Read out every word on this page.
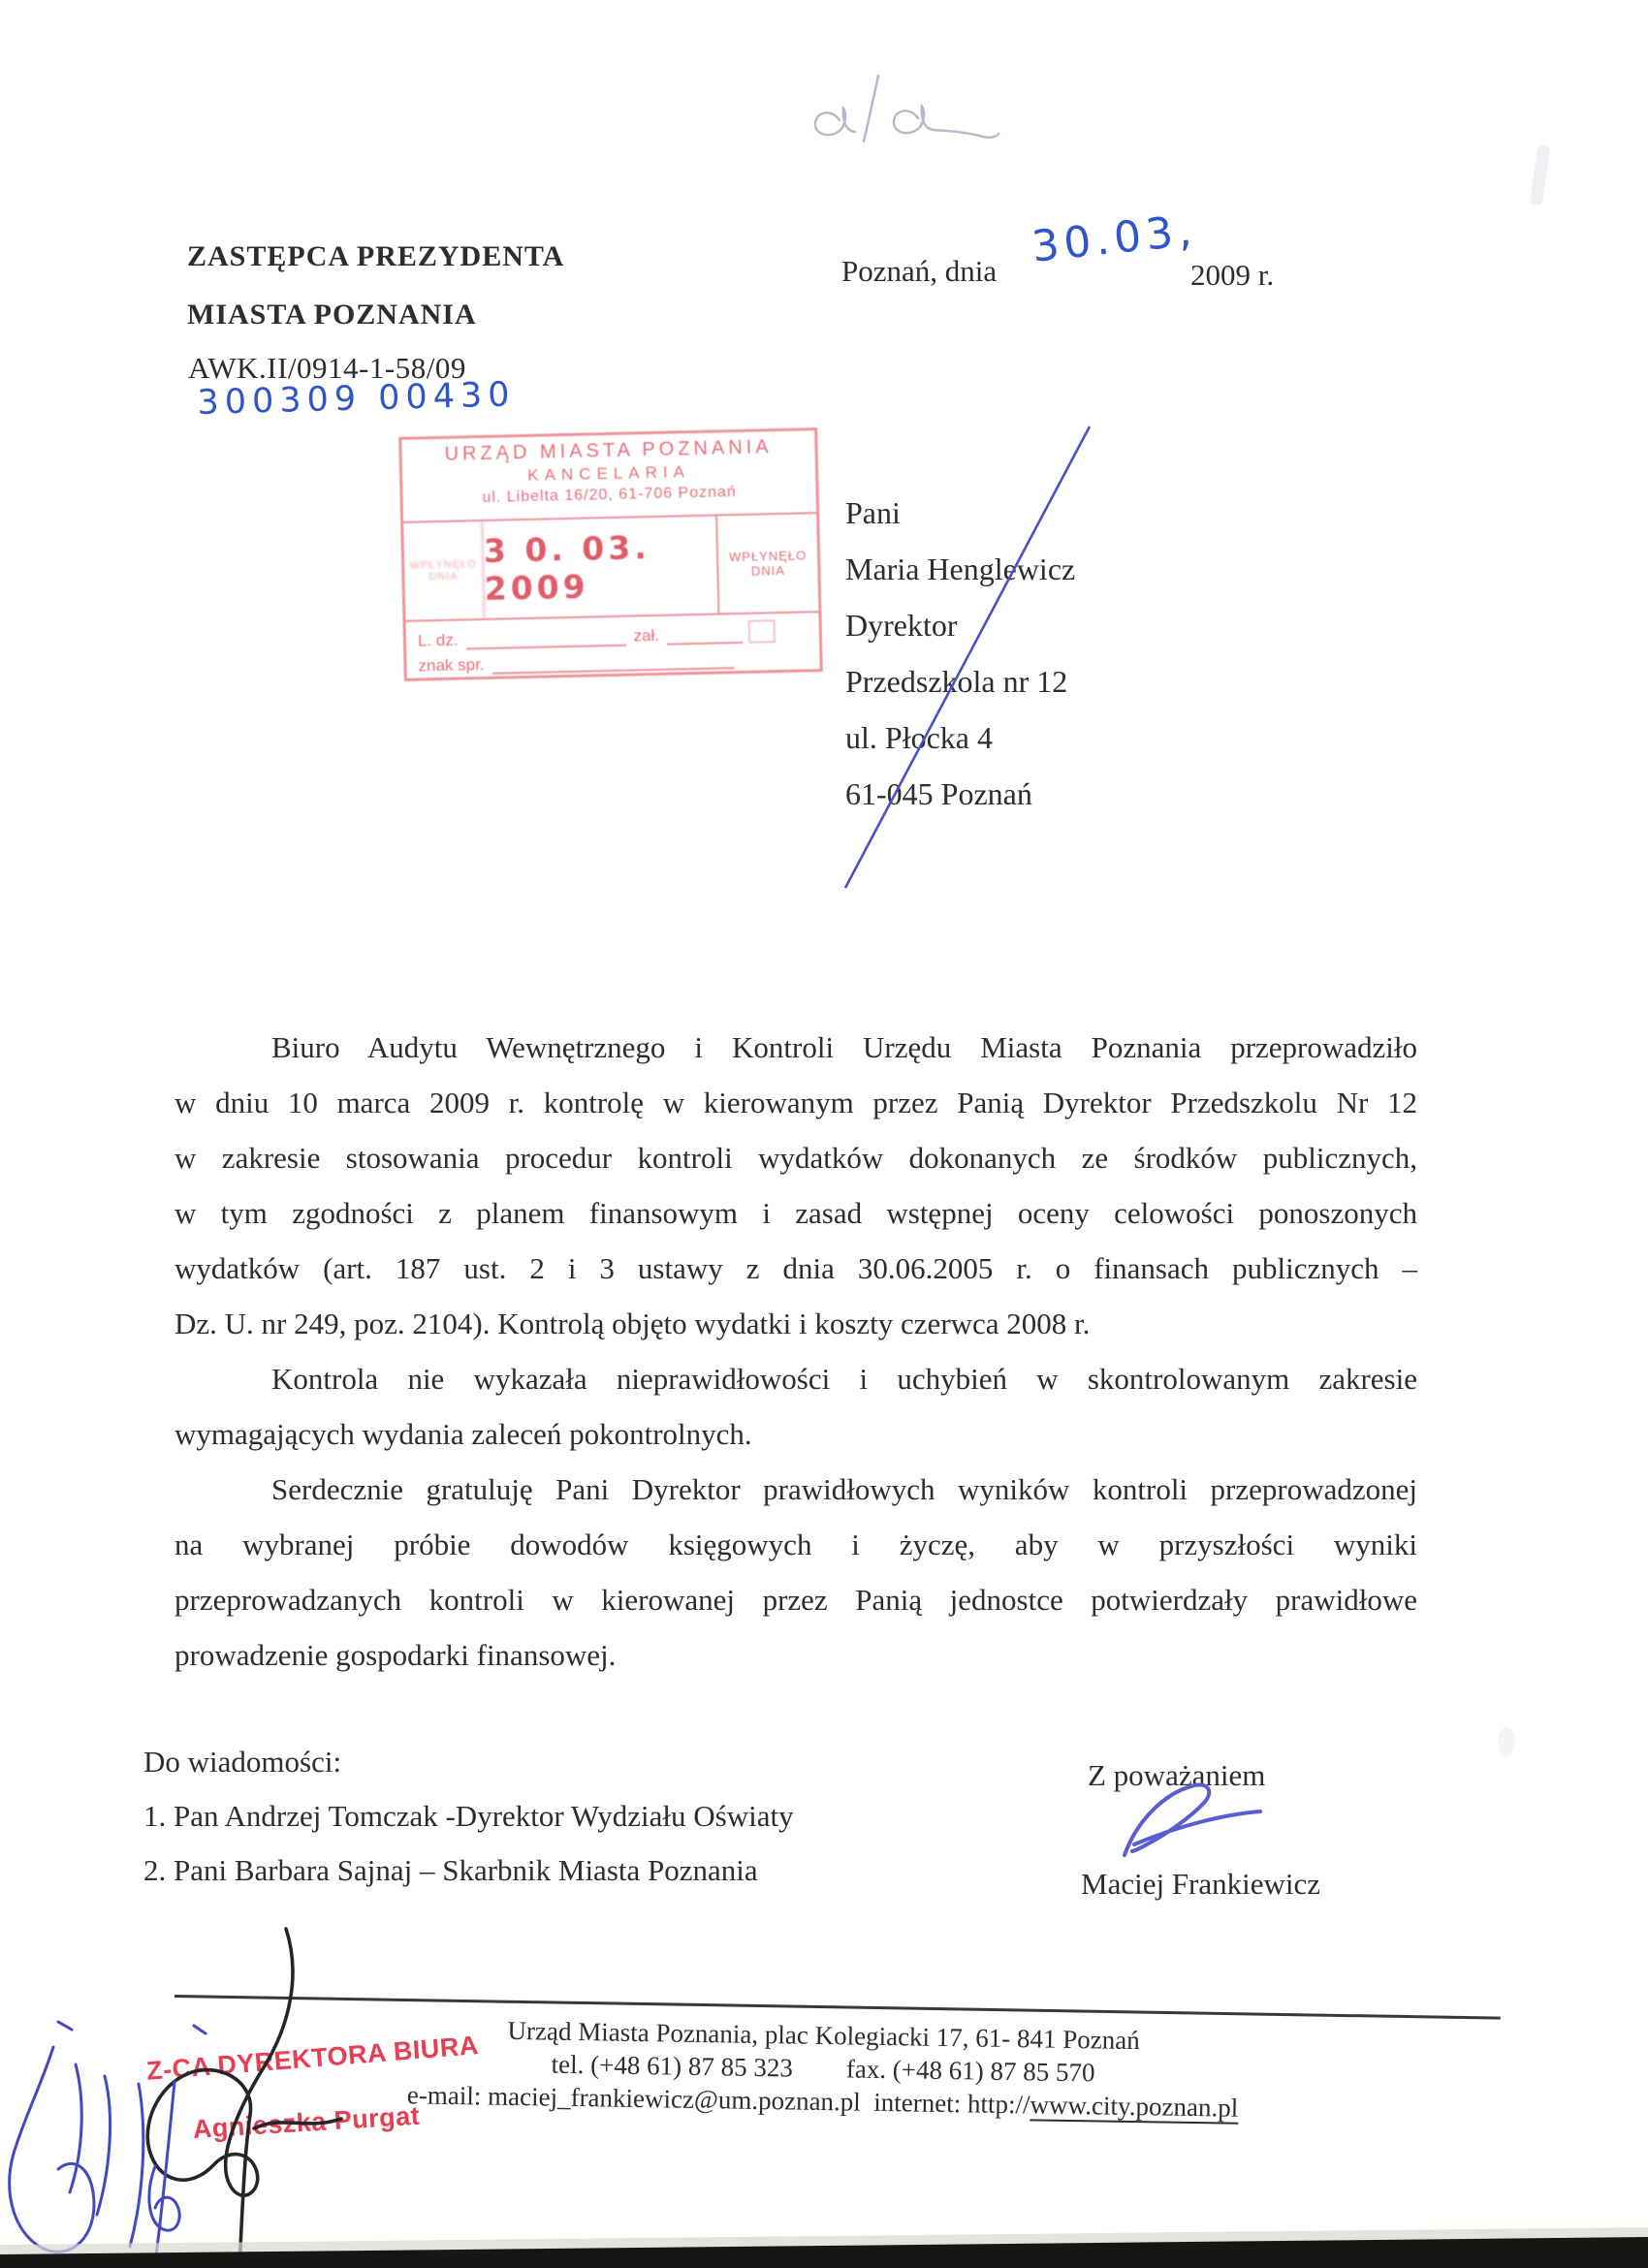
ZASTĘPCA PREZYDENTA
MIASTA POZNANIA
AWK.II/0914-1-58/09
300309 00430
Poznań, dnia 30.03,
2009 r.
URZĄD MIASTA POZNANIA
KANCELARIA
ul. Libelta 16/20, 61-706 Poznań
WPŁYNĘŁO
DNIA
3 0. 03. 2009
WPŁYNĘŁO
DNIA
L. dz.	zał.
znak spr.
Pani
Maria Henglewicz
Dyrektor
Przedszkola nr 12
ul. Płocka 4
61-045 Poznań
Biuro Audytu Wewnętrznego i Kontroli Urzędu Miasta Poznania przeprowadziło
w dniu 10 marca 2009 r. kontrolę w kierowanym przez Panią Dyrektor Przedszkolu Nr 12
w zakresie stosowania procedur kontroli wydatków dokonanych ze środków publicznych,
w tym zgodności z planem finansowym i zasad wstępnej oceny celowości ponoszonych
wydatków (art. 187 ust. 2 i 3 ustawy z dnia 30.06.2005 r. o finansach publicznych –
Dz. U. nr 249, poz. 2104). Kontrolą objęto wydatki i koszty czerwca 2008 r.
Kontrola nie wykazała nieprawidłowości i uchybień w skontrolowanym zakresie
wymagających wydania zaleceń pokontrolnych.
Serdecznie gratuluję Pani Dyrektor prawidłowych wyników kontroli przeprowadzonej
na wybranej próbie dowodów księgowych i życzę, aby w przyszłości wyniki
przeprowadzanych kontroli w kierowanej przez Panią jednostce potwierdzały prawidłowe
prowadzenie gospodarki finansowej.
Do wiadomości:
1. Pan Andrzej Tomczak -Dyrektor Wydziału Oświaty
2. Pani Barbara Sajnaj – Skarbnik Miasta Poznania
Z poważaniem
Maciej Frankiewicz
Urząd Miasta Poznania, plac Kolegiacki 17, 61- 841 Poznań
tel. (+48 61) 87 85 323 fax. (+48 61) 87 85 570
e-mail: maciej_frankiewicz@um.poznan.pl internet: http://www.city.poznan.pl
Z-CA DYREKTORA BIURA
Agnieszka Purgat
